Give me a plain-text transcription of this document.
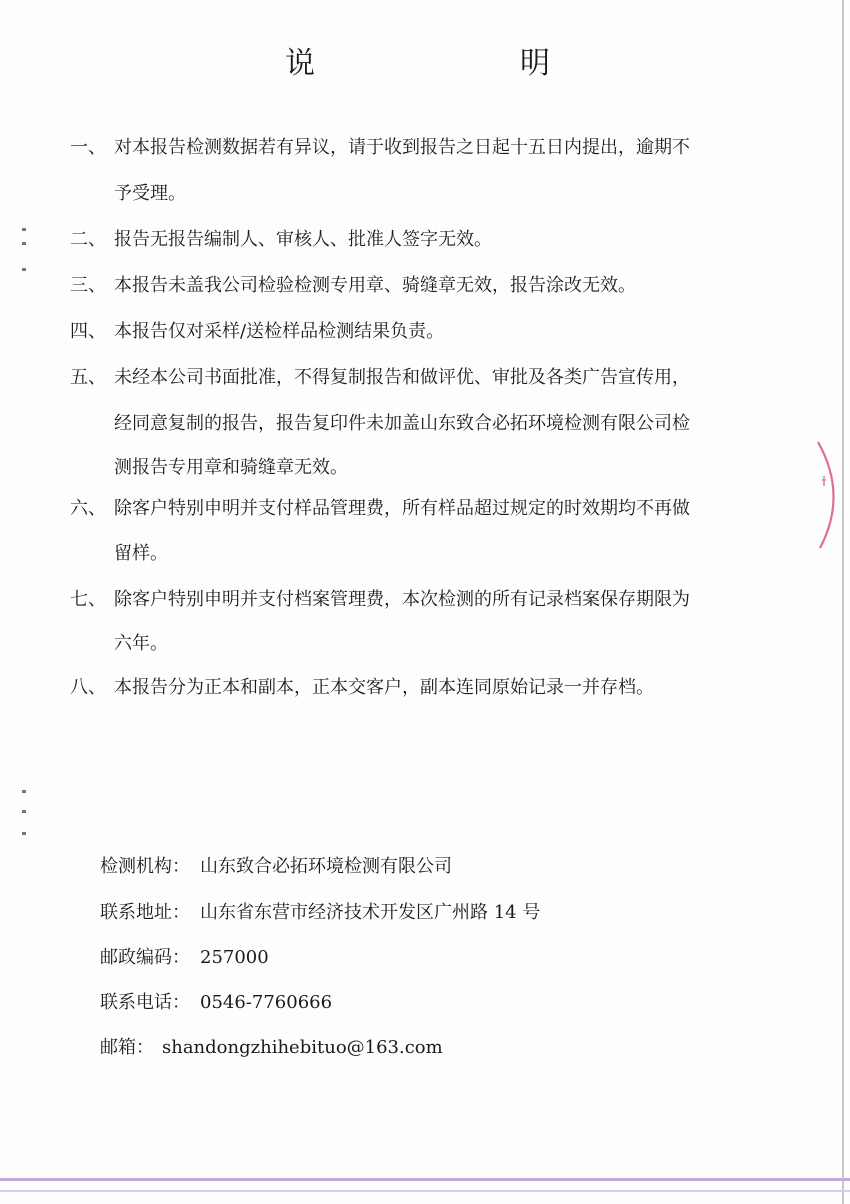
说	明
一、 对本报告检测数据若有异议，请于收到报告之日起十五日内提出，逾期不
予受理。
二、 报告无报告编制人、审核人、批准人签字无效。
三、 本报告未盖我公司检验检测专用章、骑缝章无效，报告涂改无效。
四、 本报告仅对采样/送检样品检测结果负责。
五、 未经本公司书面批准，不得复制报告和做评优、审批及各类广告宣传用，
经同意复制的报告，报告复印件未加盖山东致合必拓环境检测有限公司检
测报告专用章和骑缝章无效。
六、 除客户特别申明并支付样品管理费，所有样品超过规定的时效期均不再做
留样。
七、 除客户特别申明并支付档案管理费，本次检测的所有记录档案保存期限为
六年。
八、 本报告分为正本和副本，正本交客户，副本连同原始记录一并存档。
检测机构： 山东致合必拓环境检测有限公司
联系地址： 山东省东营市经济技术开发区广州路 14 号
邮政编码： 257000
联系电话： 0546-7760666
邮箱： shandongzhihebituo@163.com
